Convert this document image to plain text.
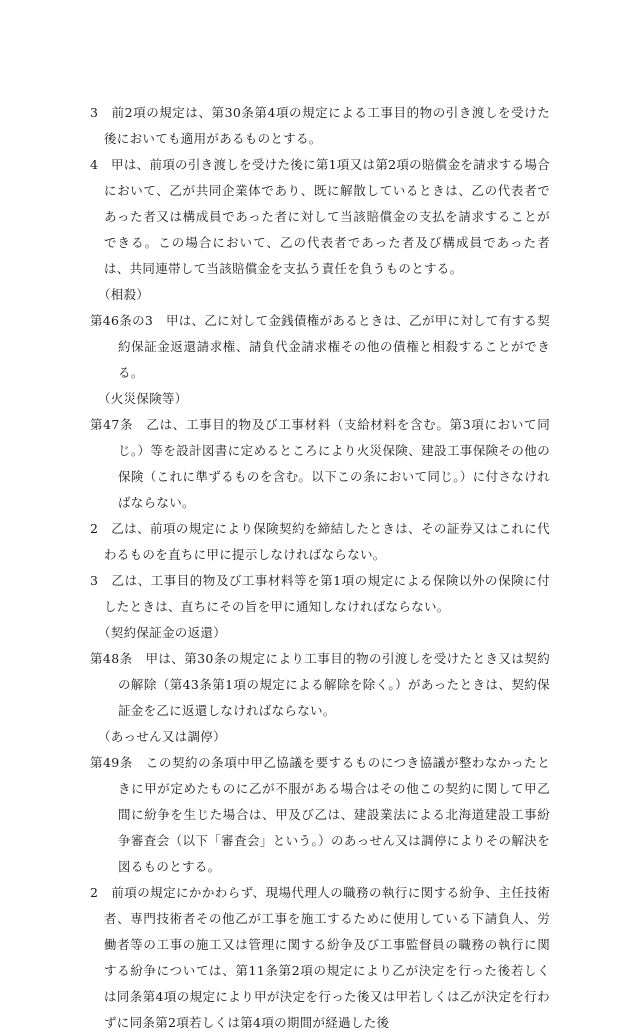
3　前2項の規定は、第30条第4項の規定による工事目的物の引き渡しを受けた後においても適用があるものとする。

4　甲は、前項の引き渡しを受けた後に第1項又は第2項の賠償金を請求する場合において、乙が共同企業体であり、既に解散しているときは、乙の代表者であった者又は構成員であった者に対して当該賠償金の支払を請求することができる。この場合において、乙の代表者であった者及び構成員であった者は、共同連帯して当該賠償金を支払う責任を負うものとする。

（相殺）

第46条の3　甲は、乙に対して金銭債権があるときは、乙が甲に対して有する契約保証金返還請求権、請負代金請求権その他の債権と相殺することができる。

（火災保険等）

第47条　乙は、工事目的物及び工事材料（支給材料を含む。第3項において同じ。）等を設計図書に定めるところにより火災保険、建設工事保険その他の保険（これに準ずるものを含む。以下この条において同じ。）に付さなければならない。

2　乙は、前項の規定により保険契約を締結したときは、その証券又はこれに代わるものを直ちに甲に提示しなければならない。

3　乙は、工事目的物及び工事材料等を第1項の規定による保険以外の保険に付したときは、直ちにその旨を甲に通知しなければならない。

（契約保証金の返還）

第48条　甲は、第30条の規定により工事目的物の引渡しを受けたとき又は契約の解除（第43条第1項の規定による解除を除く。）があったときは、契約保証金を乙に返還しなければならない。

（あっせん又は調停）

第49条　この契約の条項中甲乙協議を要するものにつき協議が整わなかったときに甲が定めたものに乙が不服がある場合はその他この契約に関して甲乙間に紛争を生じた場合は、甲及び乙は、建設業法による北海道建設工事紛争審査会（以下「審査会」という。）のあっせん又は調停によりその解決を図るものとする。

2　前項の規定にかかわらず、現場代理人の職務の執行に関する紛争、主任技術者、専門技術者その他乙が工事を施工するために使用している下請負人、労働者等の工事の施工又は管理に関する紛争及び工事監督員の職務の執行に関する紛争については、第11条第2項の規定により乙が決定を行った後若しくは同条第4項の規定により甲が決定を行った後又は甲若しくは乙が決定を行わずに同条第2項若しくは第4項の期間が経過した後
